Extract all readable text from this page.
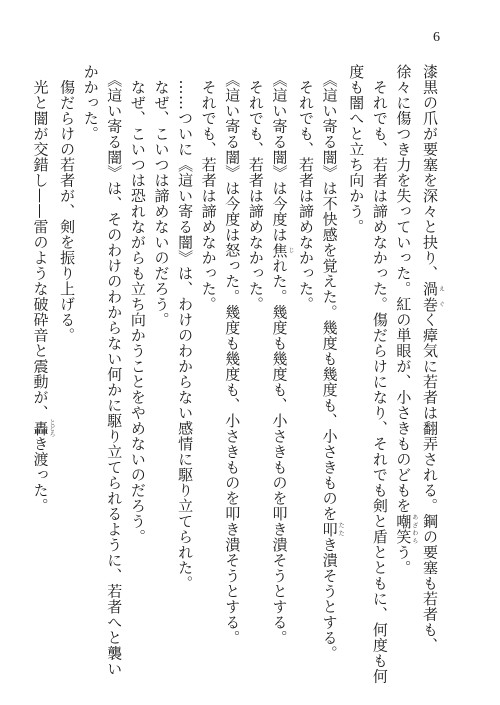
6
漆黒の爪が要塞を深々と抉り、渦え巻ぐく瘴気に若者は翻弄される。鋼の要塞も若者も、
徐々に傷つき力を失っていった。紅の単眼が、小さきものどもを嘲あざ笑わらう。
　それでも、若者は諦めなかった。傷だらけになり、それでも剣と盾とともに、何度も何
度も闇へと立ち向かう。
　《這い寄る闇》は不快感を覚えた。幾度も幾度も、小さきものを叩たたき潰そうとする。
　それでも、若者は諦めなかった。
　《這い寄る闇》は今度は焦じれた。幾度も幾度も、小さきものを叩き潰そうとする。
　それでも、若者は諦めなかった。
　《這い寄る闇》は今度は怒った。幾度も幾度も、小さきものを叩き潰そうとする。
　それでも、若者は諦めなかった。
　……ついに《這い寄る闇》は、わけのわからない感情に駆り立てられた。
　なぜ、こいつは諦めないのだろう。
　なぜ、こいつは恐れながらも立ち向かうことをやめないのだろう。
　《這い寄る闇》は、そのわけのわからない何かに駆り立てられるように、若者へと襲い
かかった。
　傷だらけの若者が、剣を振り上げる。
　光と闇が交錯し——雷のような破砕音と震動が、轟とどろき渡った。
